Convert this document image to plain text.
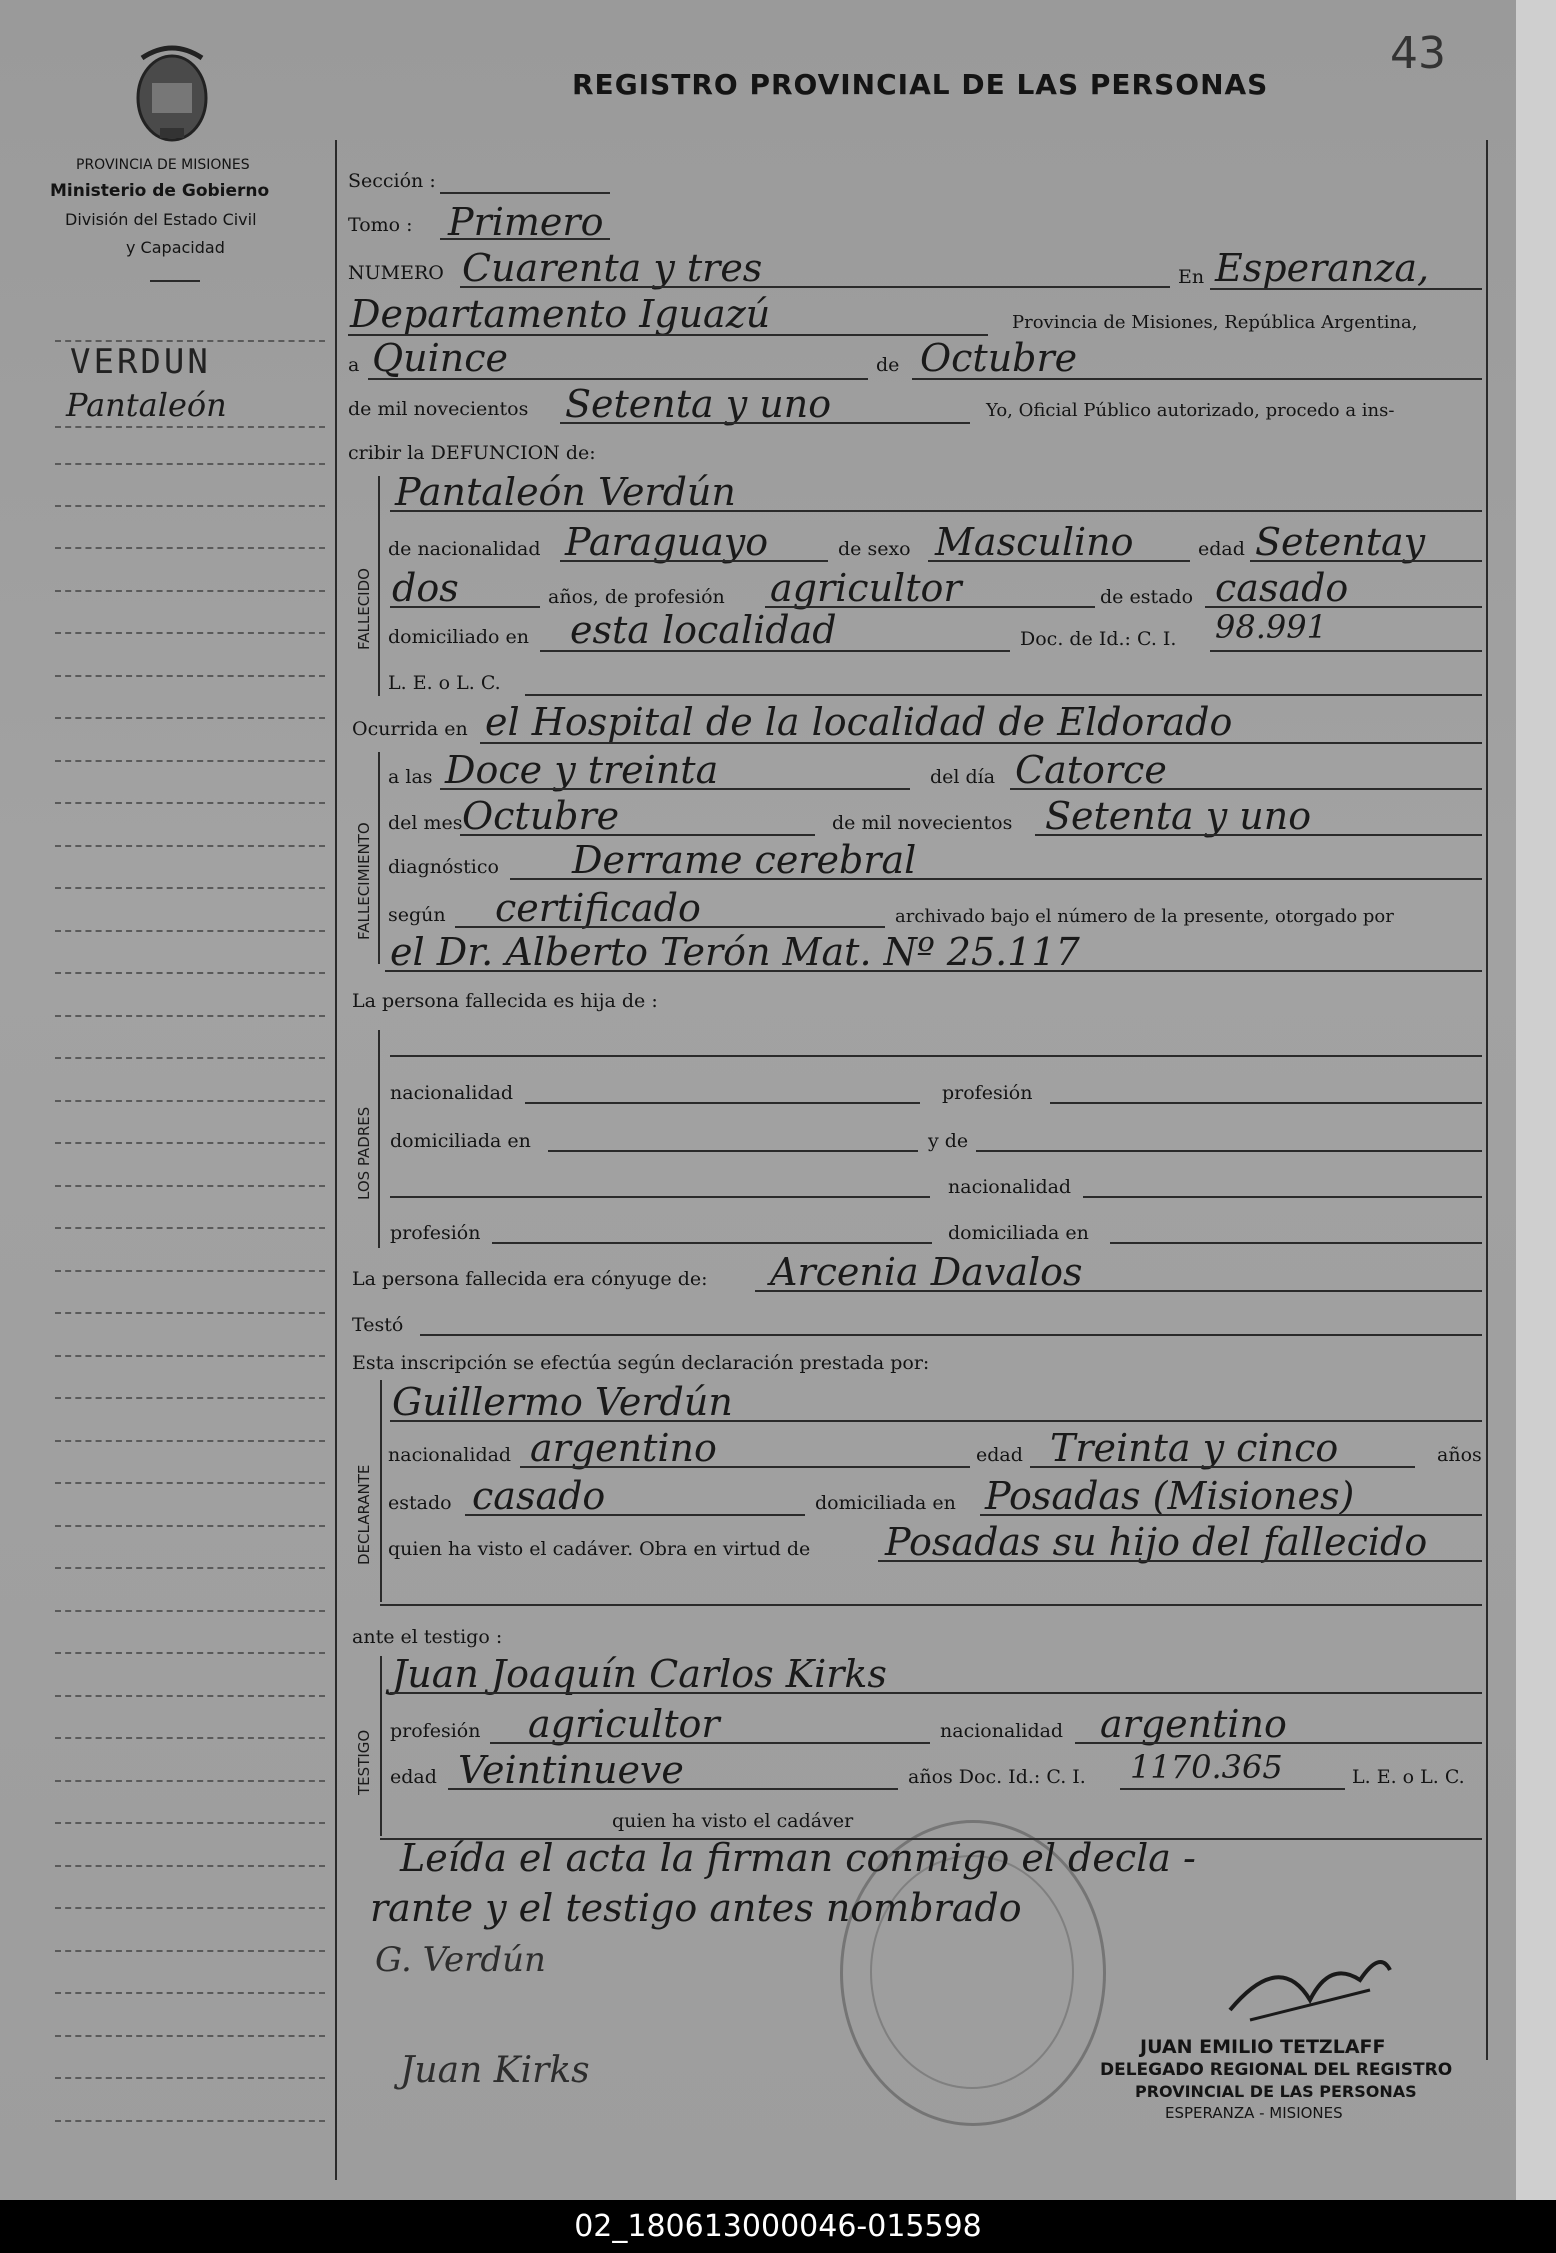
43
REGISTRO PROVINCIAL DE LAS PERSONAS
PROVINCIA DE MISIONES
Ministerio de Gobierno
División del Estado Civil
y Capacidad
VERDUN
Pantaleón
Sección :
Tomo : Primero
NUMERO Cuarenta y tres	En Esperanza,
Departamento Iguazú	Provincia de Misiones, República Argentina,
a Quince	de Octubre
de mil novecientos Setenta y uno	Yo, Oficial Público autorizado, procedo a ins-
cribir la DEFUNCION de:
FALLECIDO
Pantaleón Verdún
de nacionalidad Paraguayo	de sexo Masculino	edad Setentay
dos	años, de profesión agricultor	de estado casado
domiciliado en esta localidad	Doc. de Id.: C. I. 98.991
L. E. o L. C.
Ocurrida en el Hospital de la localidad de Eldorado
FALLECIMIENTO
a las Doce y treinta	del día Catorce
del mes Octubre	de mil novecientos Setenta y uno
diagnóstico Derrame cerebral
según certificado	archivado bajo el número de la presente, otorgado por
el Dr. Alberto Terón Mat. Nº 25.117
La persona fallecida es hija de :
LOS PADRES
nacionalidad	profesión
domiciliada en	y de
nacionalidad
profesión	domiciliada en
La persona fallecida era cónyuge de: Arcenia Davalos
Testó
Esta inscripción se efectúa según declaración prestada por:
DECLARANTE
Guillermo Verdún
nacionalidad argentino	edad Treinta y cinco	años
estado casado	domiciliada en Posadas (Misiones)
quien ha visto el cadáver. Obra en virtud de Posadas su hijo del fallecido
ante el testigo :
TESTIGO
Juan Joaquín Carlos Kirks
profesión agricultor	nacionalidad argentino
edad Veintinueve	años Doc. Id.: C. I. 1170.365	L. E. o L. C.
quien ha visto el cadáver
Leída el acta la firman conmigo el decla -
rante y el testigo antes nombrado
G. Verdún
Juan Kirks
JUAN EMILIO TETZLAFF
DELEGADO REGIONAL DEL REGISTRO
PROVINCIAL DE LAS PERSONAS
ESPERANZA - MISIONES
02_180613000046-015598
